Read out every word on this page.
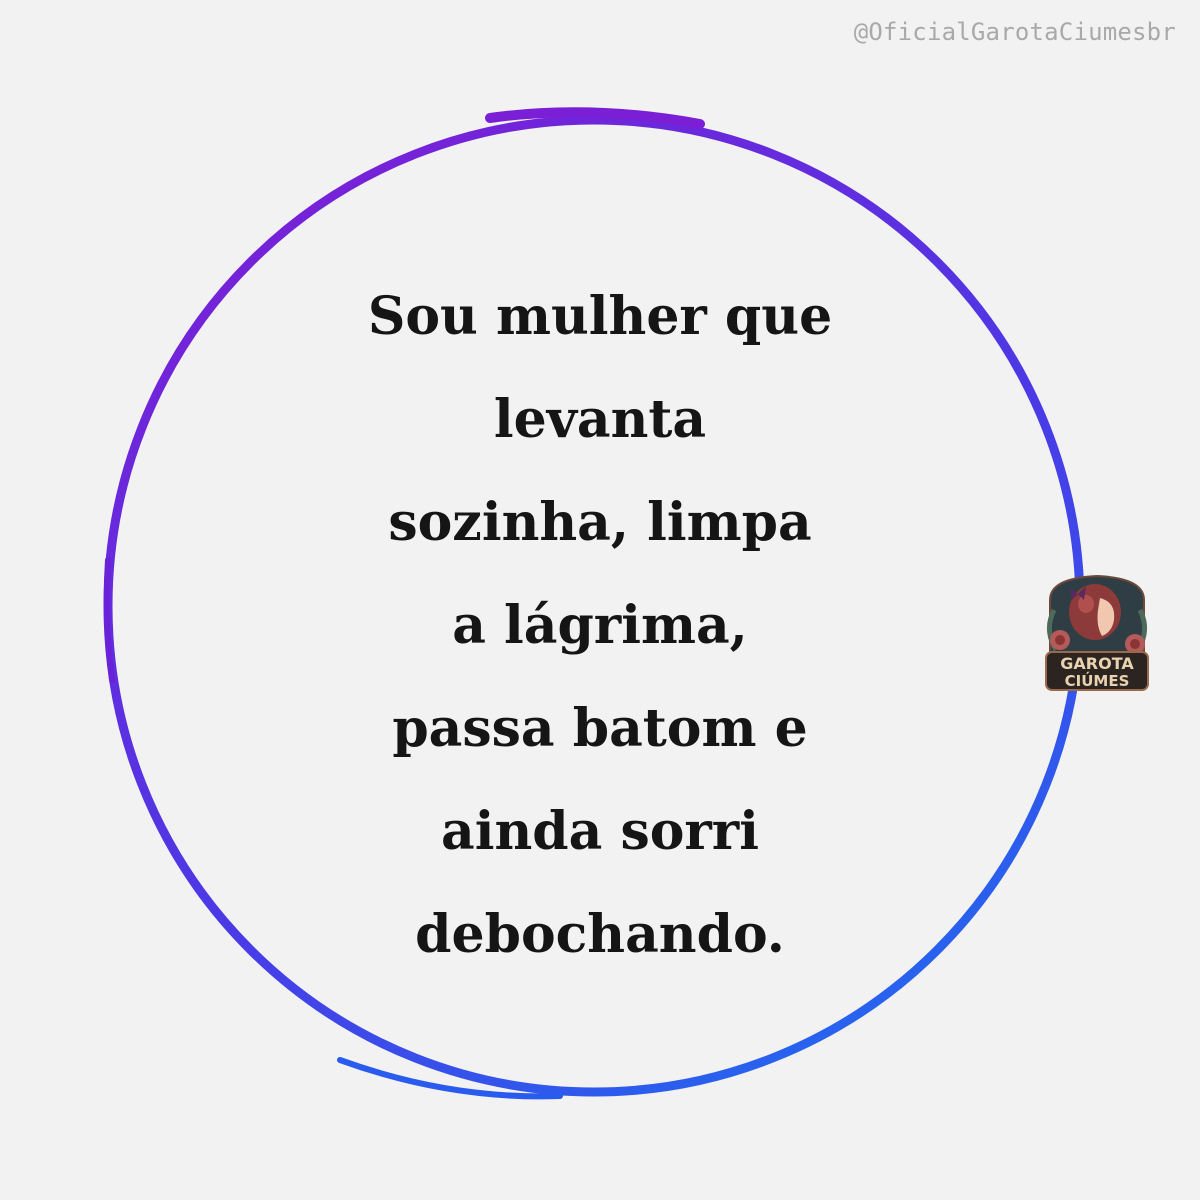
@OficialGarotaCiumesbr
Sou mulher que
levanta
sozinha, limpa
a lágrima,
passa batom e
ainda sorri
debochando.
GAROTA
CIÚMES
